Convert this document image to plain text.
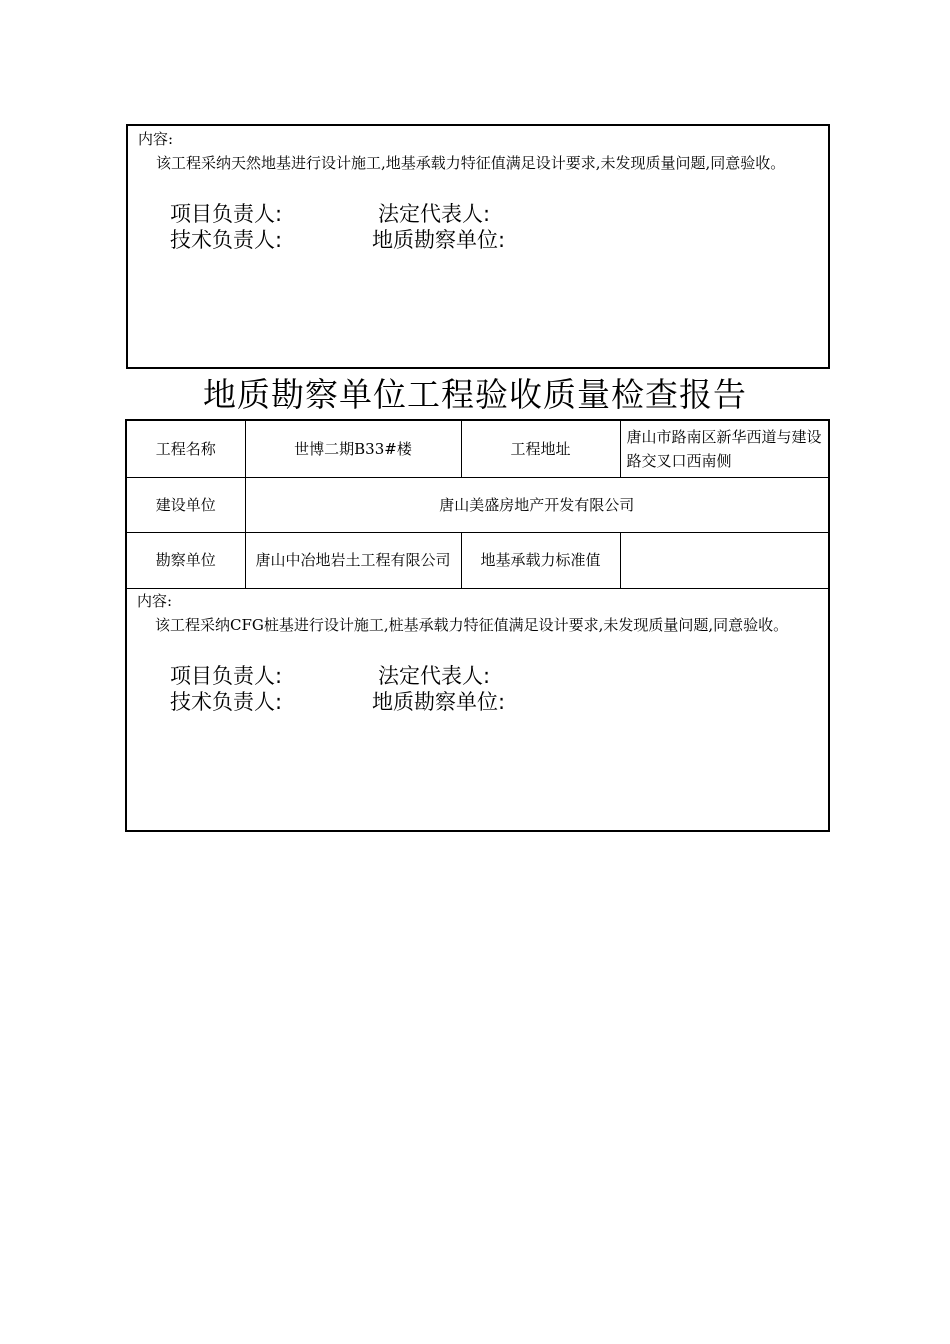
内容:
该工程采纳天然地基进行设计施工,地基承载力特征值满足设计要求,未发现质量问题,同意验收。
项目负责人:	法定代表人:
技术负责人:	地质勘察单位:
地质勘察单位工程验收质量检查报告
工程名称	世博二期B33#楼	工程地址	唐山市路南区新华西道与建设路交叉口西南侧
建设单位	唐山美盛房地产开发有限公司		
勘察单位	唐山中冶地岩土工程有限公司	地基承载力标准值	
内容:
该工程采纳CFG桩基进行设计施工,桩基承载力特征值满足设计要求,未发现质量问题,同意验收。
项目负责人:	法定代表人:
技术负责人:	地质勘察单位:
